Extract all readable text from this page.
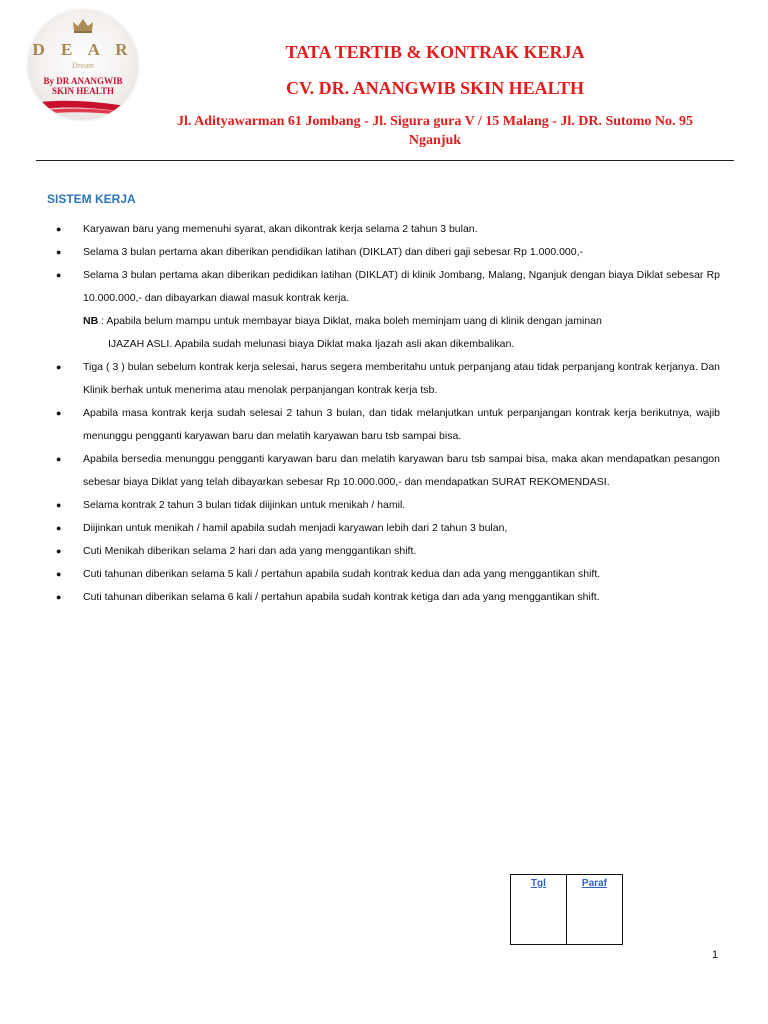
D E A R
Dream
By DR ANANGWIB
SKIN HEALTH
TATA TERTIB & KONTRAK KERJA
CV. DR. ANANGWIB SKIN HEALTH
Jl. Adityawarman 61 Jombang - Jl. Sigura gura V / 15 Malang - Jl. DR. Sutomo No. 95 Nganjuk
SISTEM KERJA
● Karyawan baru yang memenuhi syarat, akan dikontrak kerja selama 2 tahun 3 bulan.
● Selama 3 bulan pertama akan diberikan pendidikan latihan (DIKLAT) dan diberi gaji sebesar Rp 1.000.000,-
● Selama 3 bulan pertama akan diberikan pedidikan latihan (DIKLAT) di klinik Jombang, Malang, Nganjuk dengan biaya Diklat sebesar Rp 10.000.000,- dan dibayarkan diawal masuk kontrak kerja.
NB : Apabila belum mampu untuk membayar biaya Diklat, maka boleh meminjam uang di klinik dengan jaminan
IJAZAH ASLI. Apabila sudah melunasi biaya Diklat maka Ijazah asli akan dikembalikan.
● Tiga ( 3 ) bulan sebelum kontrak kerja selesai, harus segera memberitahu untuk perpanjang atau tidak perpanjang kontrak kerjanya. Dan Klinik berhak untuk menerima atau menolak perpanjangan kontrak kerja tsb.
● Apabila masa kontrak kerja sudah selesai 2 tahun 3 bulan, dan tidak melanjutkan untuk perpanjangan kontrak kerja berikutnya, wajib menunggu pengganti karyawan baru dan melatih karyawan baru tsb sampai bisa.
● Apabila bersedia menunggu pengganti karyawan baru dan melatih karyawan baru tsb sampai bisa, maka akan mendapatkan pesangon sebesar biaya Diklat yang telah dibayarkan sebesar Rp 10.000.000,- dan mendapatkan SURAT REKOMENDASI.
● Selama kontrak 2 tahun 3 bulan tidak diijinkan untuk menikah / hamil.
● Diijinkan untuk menikah / hamil apabila sudah menjadi karyawan lebih dari 2 tahun 3 bulan,
● Cuti Menikah diberikan selama 2 hari dan ada yang menggantikan shift.
● Cuti tahunan diberikan selama 5 kali / pertahun apabila sudah kontrak kedua dan ada yang menggantikan shift.
● Cuti tahunan diberikan selama 6 kali / pertahun apabila sudah kontrak ketiga dan ada yang menggantikan shift.
Tgl	Paraf
1
